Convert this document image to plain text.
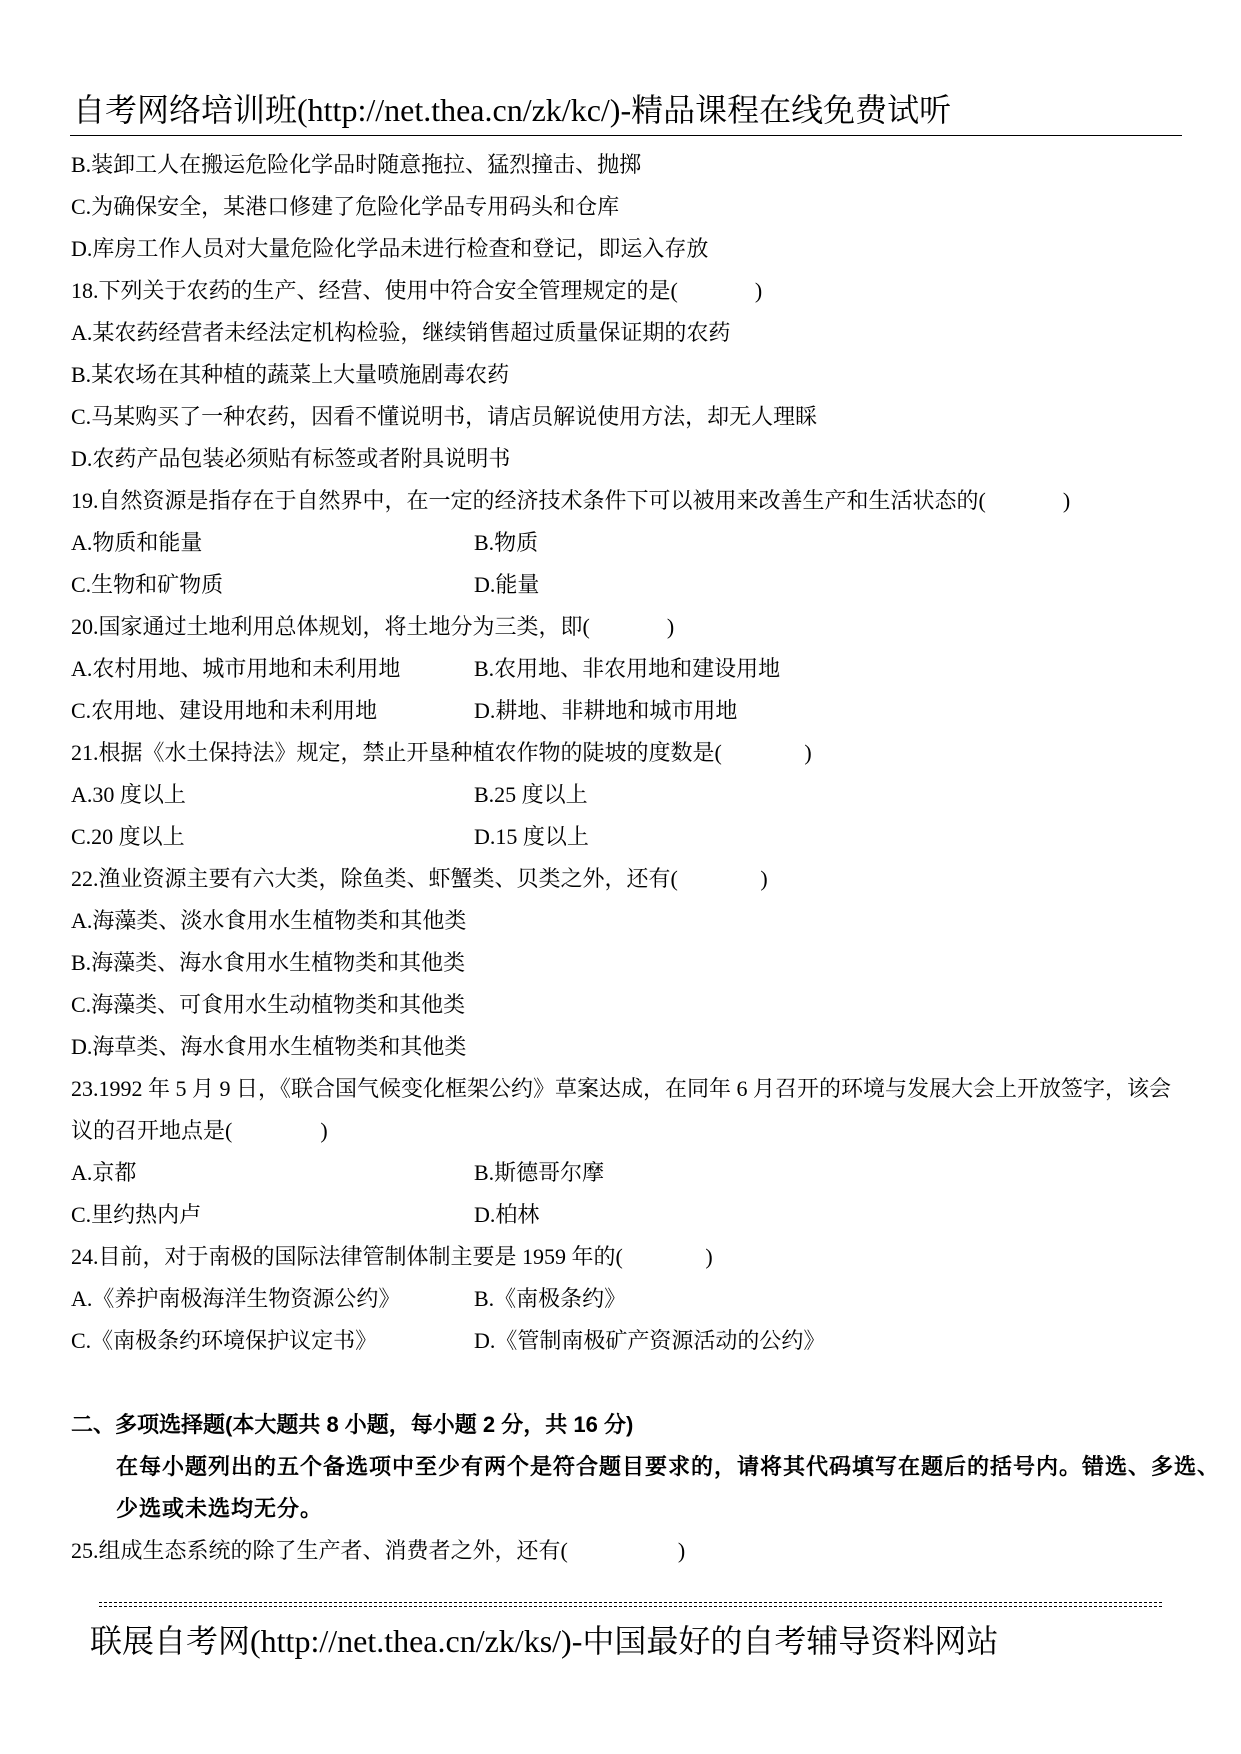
自考网络培训班(http://net.thea.cn/zk/kc/)-精品课程在线免费试听
B.装卸工人在搬运危险化学品时随意拖拉、猛烈撞击、抛掷
C.为确保安全，某港口修建了危险化学品专用码头和仓库
D.库房工作人员对大量危险化学品未进行检查和登记，即运入存放
18.下列关于农药的生产、经营、使用中符合安全管理规定的是(              )
A.某农药经营者未经法定机构检验，继续销售超过质量保证期的农药
B.某农场在其种植的蔬菜上大量喷施剧毒农药
C.马某购买了一种农药，因看不懂说明书，请店员解说使用方法，却无人理睬
D.农药产品包装必须贴有标签或者附具说明书
19.自然资源是指存在于自然界中，在一定的经济技术条件下可以被用来改善生产和生活状态的(              )
A.物质和能量	B.物质
C.生物和矿物质	D.能量
20.国家通过土地利用总体规划，将土地分为三类，即(              )
A.农村用地、城市用地和未利用地	B.农用地、非农用地和建设用地
C.农用地、建设用地和未利用地	D.耕地、非耕地和城市用地
21.根据《水土保持法》规定，禁止开垦种植农作物的陡坡的度数是(               )
A.30 度以上	B.25 度以上
C.20 度以上	D.15 度以上
22.渔业资源主要有六大类，除鱼类、虾蟹类、贝类之外，还有(               )
A.海藻类、淡水食用水生植物类和其他类
B.海藻类、海水食用水生植物类和其他类
C.海藻类、可食用水生动植物类和其他类
D.海草类、海水食用水生植物类和其他类
23.1992 年 5 月 9 日，《联合国气候变化框架公约》草案达成，在同年 6 月召开的环境与发展大会上开放签字，该会
议的召开地点是(                )
A.京都	B.斯德哥尔摩
C.里约热内卢	D.柏林
24.目前，对于南极的国际法律管制体制主要是 1959 年的(               )
A.《养护南极海洋生物资源公约》	B.《南极条约》
C.《南极条约环境保护议定书》	D.《管制南极矿产资源活动的公约》
二、多项选择题(本大题共 8 小题，每小题 2 分，共 16 分)
在每小题列出的五个备选项中至少有两个是符合题目要求的，请将其代码填写在题后的括号内。错选、多选、
少选或未选均无分。
25.组成生态系统的除了生产者、消费者之外，还有(                    )
联展自考网(http://net.thea.cn/zk/ks/)-中国最好的自考辅导资料网站
